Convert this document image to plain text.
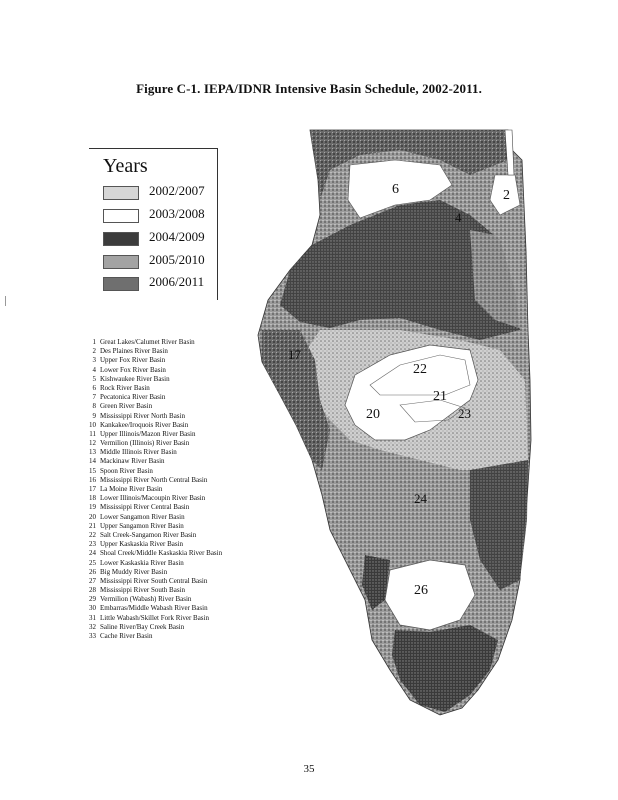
Figure C-1. IEPA/IDNR Intensive Basin Schedule, 2002-2011.
Years
2002/2007
2003/2008
2004/2009
2005/2010
2006/2011
1 Great Lakes/Calumet River Basin
2 Des Plaines River Basin
3 Upper Fox River Basin
4 Lower Fox River Basin
5 Kishwaukee River Basin
6 Rock River Basin
7 Pecatonica River Basin
8 Green River Basin
9 Mississippi River North Basin
10 Kankakee/Iroquois River Basin
11 Upper Illinois/Mazon River Basin
12 Vermilion (Illinois) River Basin
13 Middle Illinois River Basin
14 Mackinaw River Basin
15 Spoon River Basin
16 Mississippi River North Central Basin
17 La Moine River Basin
18 Lower Illinois/Macoupin River Basin
19 Mississippi River Central Basin
20 Lower Sangamon River Basin
21 Upper Sangamon River Basin
22 Salt Creek-Sangamon River Basin
23 Upper Kaskaskia River Basin
24 Shoal Creek/Middle Kaskaskia River Basin
25 Lower Kaskaskia River Basin
26 Big Muddy River Basin
27 Mississippi River South Central Basin
28 Mississippi River South Basin
29 Vermilion (Wabash) River Basin
30 Embarras/Middle Wabash River Basin
31 Little Wabash/Skillet Fork River Basin
32 Saline River/Bay Creek Basin
33 Cache River Basin
6	2
4
17
22
21
20	23
24
26
35
